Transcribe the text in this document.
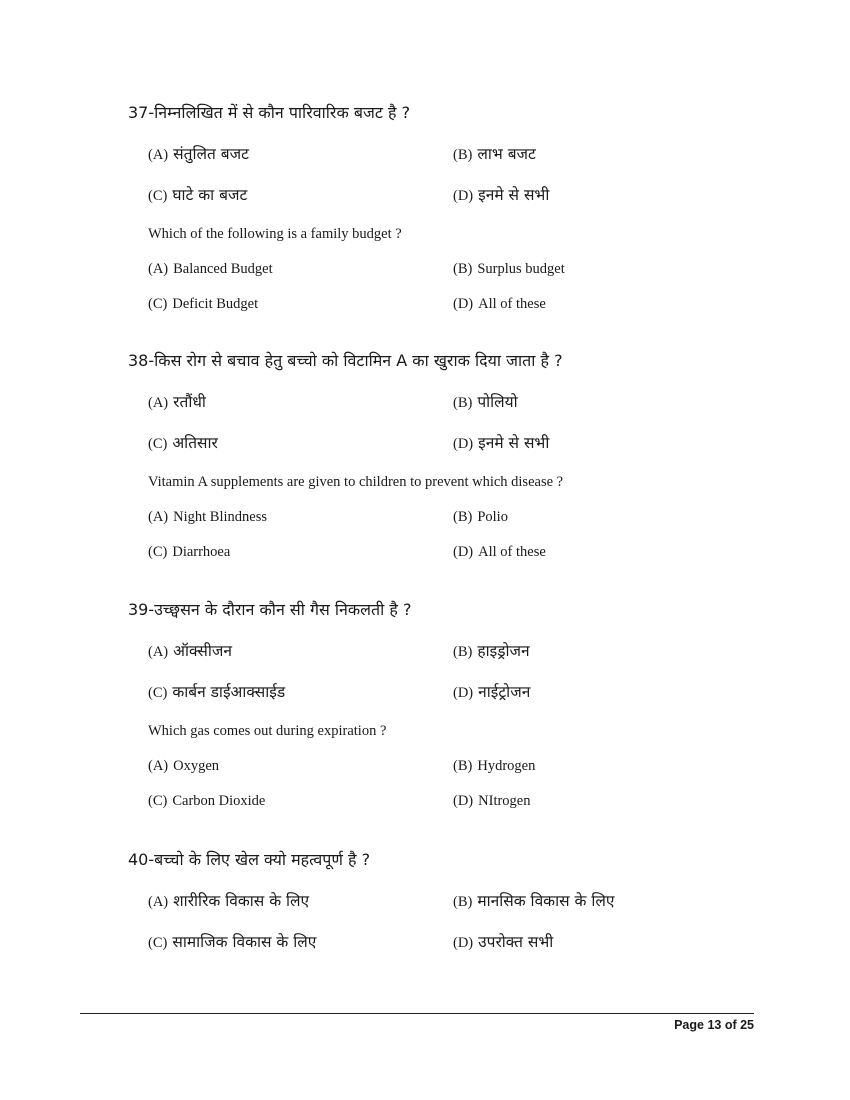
37-निम्नलिखित में से कौन पारिवारिक बजट है ?
(A) संतुलित बजट	(B) लाभ बजट
(C) घाटे का बजट	(D) इनमे से सभी
Which of the following is a family budget ?
(A) Balanced Budget	(B) Surplus budget
(C) Deficit Budget	(D) All of these
38-किस रोग से बचाव हेतु बच्चो को विटामिन A का खुराक दिया जाता है ?
(A) रतौंधी	(B) पोलियो
(C) अतिसार	(D) इनमे से सभी
Vitamin A supplements are given to children to prevent which disease ?
(A) Night Blindness	(B) Polio
(C) Diarrhoea	(D) All of these
39-उच्छ्वसन के दौरान कौन सी गैस निकलती है ?
(A) ऑक्सीजन	(B) हाइड्रोजन
(C) कार्बन डाईआक्साईड	(D) नाईट्रोजन
Which gas comes out during expiration ?
(A) Oxygen	(B) Hydrogen
(C) Carbon Dioxide	(D) NItrogen
40-बच्चो के लिए खेल क्यो महत्वपूर्ण है ?
(A) शारीरिक विकास के लिए	(B) मानसिक विकास के लिए
(C) सामाजिक विकास के लिए	(D) उपरोक्त सभी
Page 13 of 25
